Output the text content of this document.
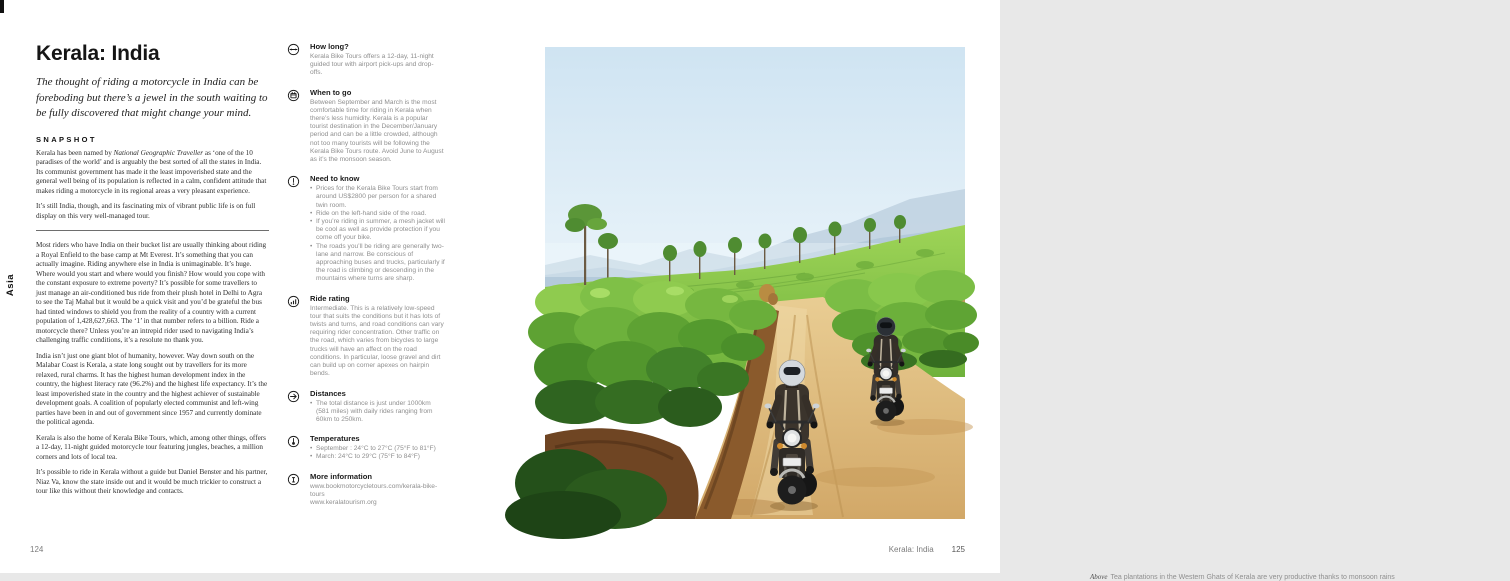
Asia
Kerala: India

The thought of riding a motorcycle in India can be foreboding but there’s a jewel in the south waiting to be fully discovered that might change your mind.

SNAPSHOT

Kerala has been named by National Geographic Traveller as ‘one of the 10 paradises of the world’ and is arguably the best sorted of all the states in India. Its communist government has made it the least impoverished state and the general well being of its population is reflected in a calm, confident attitude that makes riding a motorcycle in its regional areas a very pleasant experience.

It’s still India, though, and its fascinating mix of vibrant public life is on full display on this very well-managed tour.

Most riders who have India on their bucket list are usually thinking about riding a Royal Enfield to the base camp at Mt Everest. It’s something that you can actually imagine. Riding anywhere else in India is unimaginable. It’s huge. Where would you start and where would you finish? How would you cope with the constant exposure to extreme poverty? It’s possible for some travellers to just manage an air-conditioned bus ride from their plush hotel in Delhi to Agra to see the Taj Mahal but it would be a quick visit and you’d be grateful the bus had tinted windows to shield you from the reality of a country with a current population of 1,428,627,663. The ‘1’ in that number refers to a billion. Ride a motorcycle there? Unless you’re an intrepid rider used to navigating India’s challenging traffic conditions, it’s a resolute no thank you.

India isn’t just one giant blot of humanity, however. Way down south on the Malabar Coast is Kerala, a state long sought out by travellers for its more relaxed, rural charms. It has the highest human development index in the country, the highest literacy rate (96.2%) and the highest life expectancy. It’s the least impoverished state in the country and the highest achiever of sustainable development goals. A coalition of popularly elected communist and left-wing parties have been in and out of government since 1957 and currently dominate the political agenda.

Kerala is also the home of Kerala Bike Tours, which, among other things, offers a 12-day, 11-night guided motorcycle tour featuring jungles, beaches, a million corners and lots of local tea.

It’s possible to ride in Kerala without a guide but Daniel Benster and his partner, Niaz Va, know the state inside out and it would be much trickier to construct a tour like this without their knowledge and contacts.

How long?

Kerala Bike Tours offers a 12-day, 11-night guided tour with airport pick-ups and drop-offs.

When to go

Between September and March is the most comfortable time for riding in Kerala when there’s less humidity. Kerala is a popular tourist destination in the December/January period and can be a little crowded, although not too many tourists will be following the Kerala Bike Tours route. Avoid June to August as it’s the monsoon season.

Need to know
• Prices for the Kerala Bike Tours start from around US$2800 per person for a shared twin room.
• Ride on the left-hand side of the road.
• If you’re riding in summer, a mesh jacket will be cool as well as provide protection if you come off your bike.
• The roads you’ll be riding are generally two-lane and narrow. Be conscious of approaching buses and trucks, particularly if the road is climbing or descending in the mountains where turns are sharp.
Ride rating

Intermediate. This is a relatively low-speed tour that suits the conditions but it has lots of twists and turns, and road conditions can vary requiring rider concentration. Other traffic on the road, which varies from bicycles to large trucks will have an affect on the road conditions. In particular, loose gravel and dirt can build up on corner apexes on hairpin bends.

Distances
• The total distance is just under 1000km (581 miles) with daily rides ranging from 60km to 250km.
Temperatures
• September : 24°C to 27°C (75°F to 81°F)
• March: 24°C to 29°C (75°F to 84°F)
More information
www.bookmotorcycletours.com/kerala-bike-tours
www.keralatourism.org
Above Tea plantations in the Western Ghats of Kerala are very productive thanks to monsoon rains
124	Kerala: India 125
